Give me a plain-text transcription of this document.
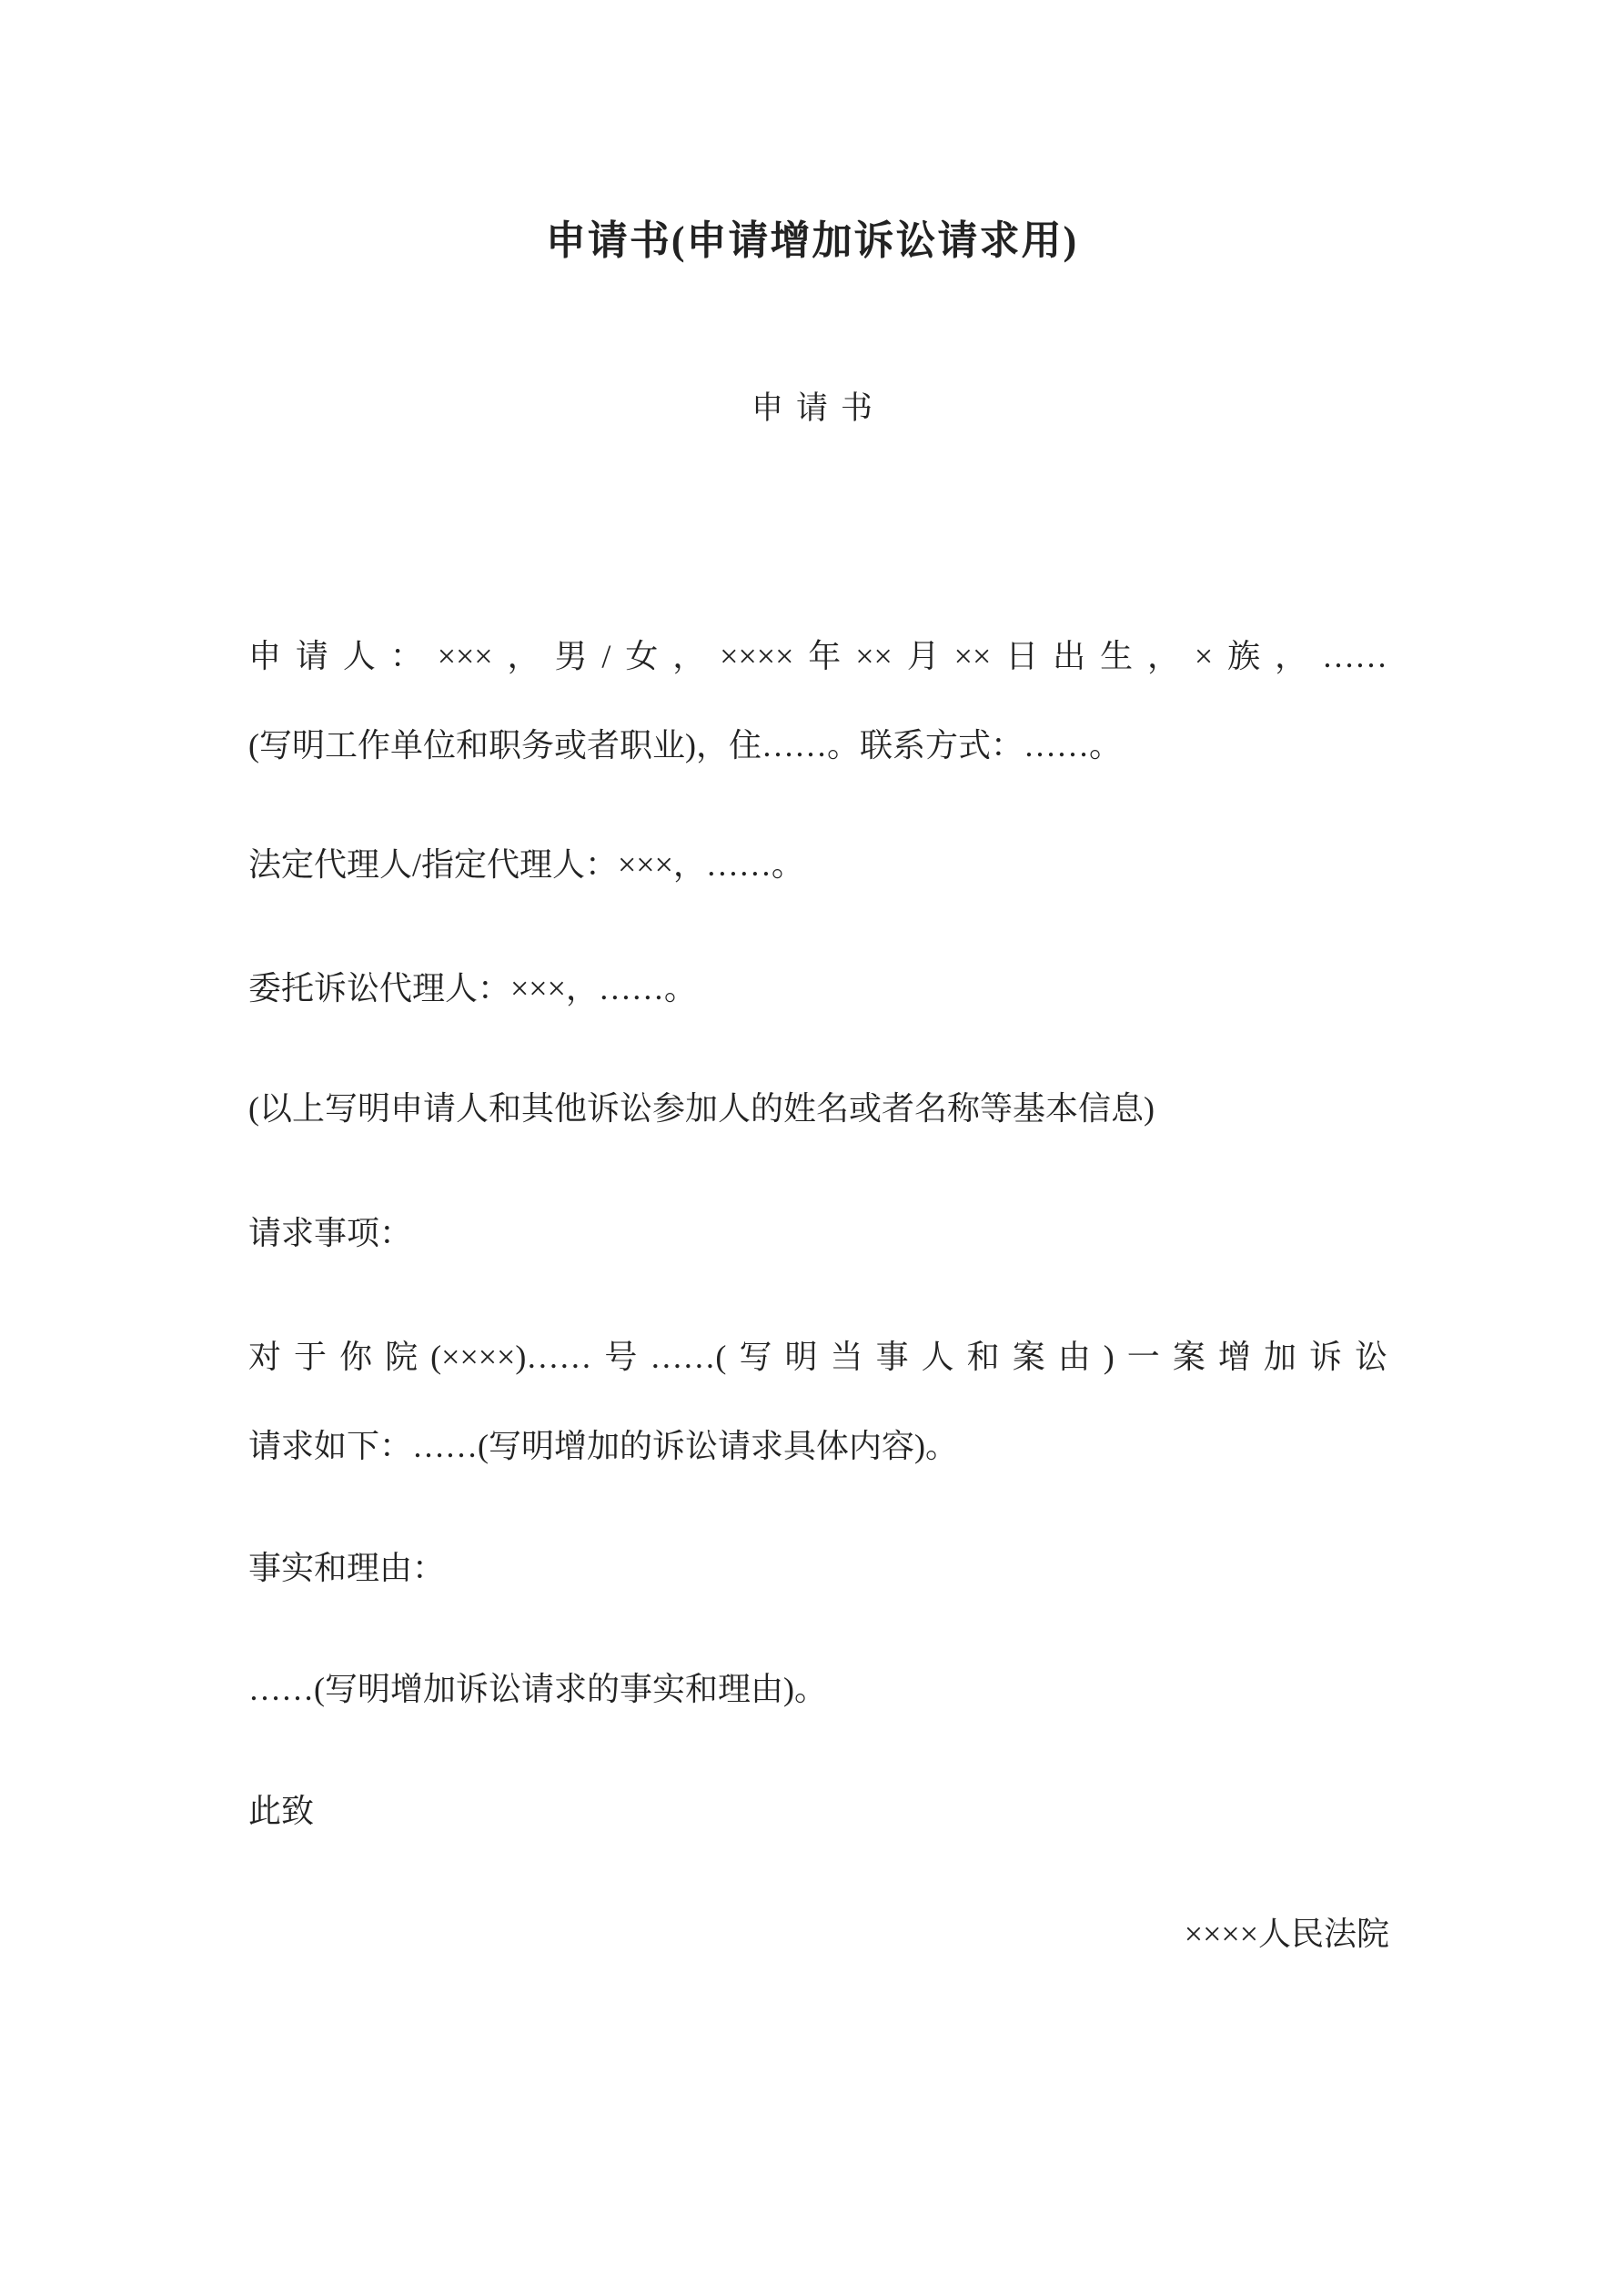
申请书(申请增加诉讼请求用)
申请书
申请人：×××，男/女，××××年××月××日出生，×族，……
(写明工作单位和职务或者职业)，住……。联系方式：……。
法定代理人/指定代理人：×××，……。
委托诉讼代理人：×××，……。
(以上写明申请人和其他诉讼参加人的姓名或者名称等基本信息)
请求事项：
对于你院(××××)……号……(写明当事人和案由)一案增加诉讼
请求如下：……(写明增加的诉讼请求具体内容)。
事实和理由：
……(写明增加诉讼请求的事实和理由)。
此致
××××人民法院
